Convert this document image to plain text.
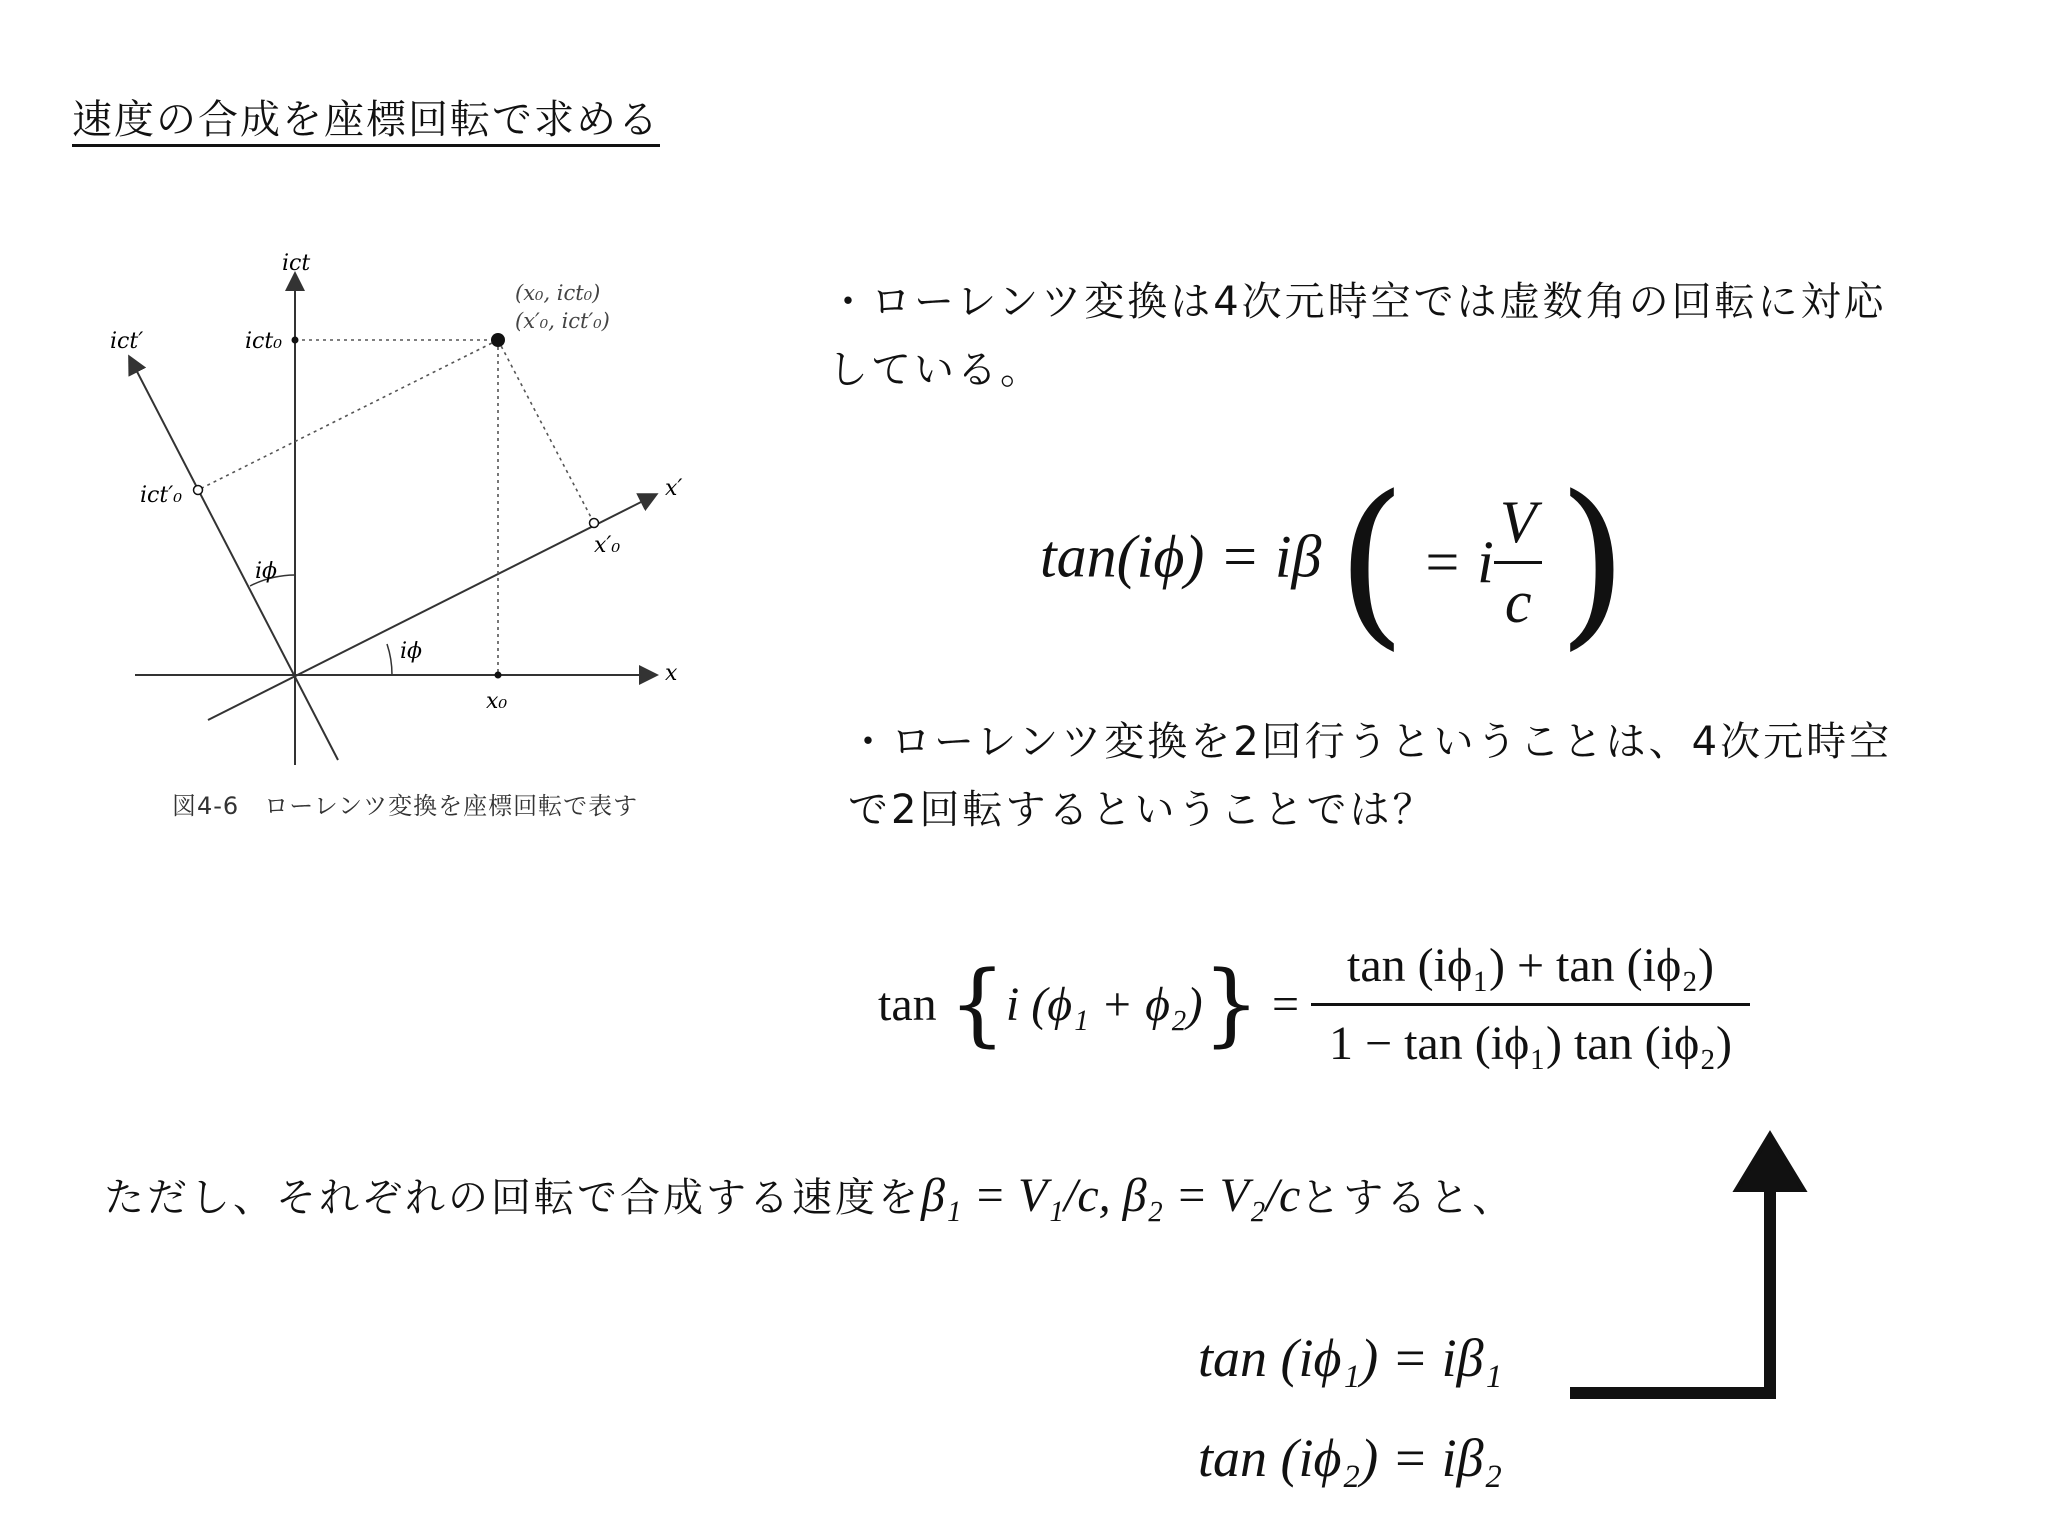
速度の合成を座標回転で求める
ict
ict′
x
x′
ict₀
ict′₀
x₀
x′₀
(x₀, ict₀)
(x′₀, ict′₀)
iϕ
iϕ
図4-6　ローレンツ変換を座標回転で表す
・ローレンツ変換は4次元時空では虚数角の回転に対応
している。
tan(iϕ) = iβ ( = i $\frac{V}{c}$ )
・ローレンツ変換を2回行うということは、4次元時空
で2回転するということでは？
tan {i $(\phi_1 + \phi_2)\} = \frac{\text{tan (iϕ₁) + tan (iϕ₂)}}{\text{1 − tan (iϕ₁) tan (iϕ₂)}}$
ただし、それぞれの回転で合成する速度をβ₁ = V₁/c, β₂ = V₂/cとすると、
tan (iϕ₁) = iβ₁
tan (iϕ₂) = iβ₂
